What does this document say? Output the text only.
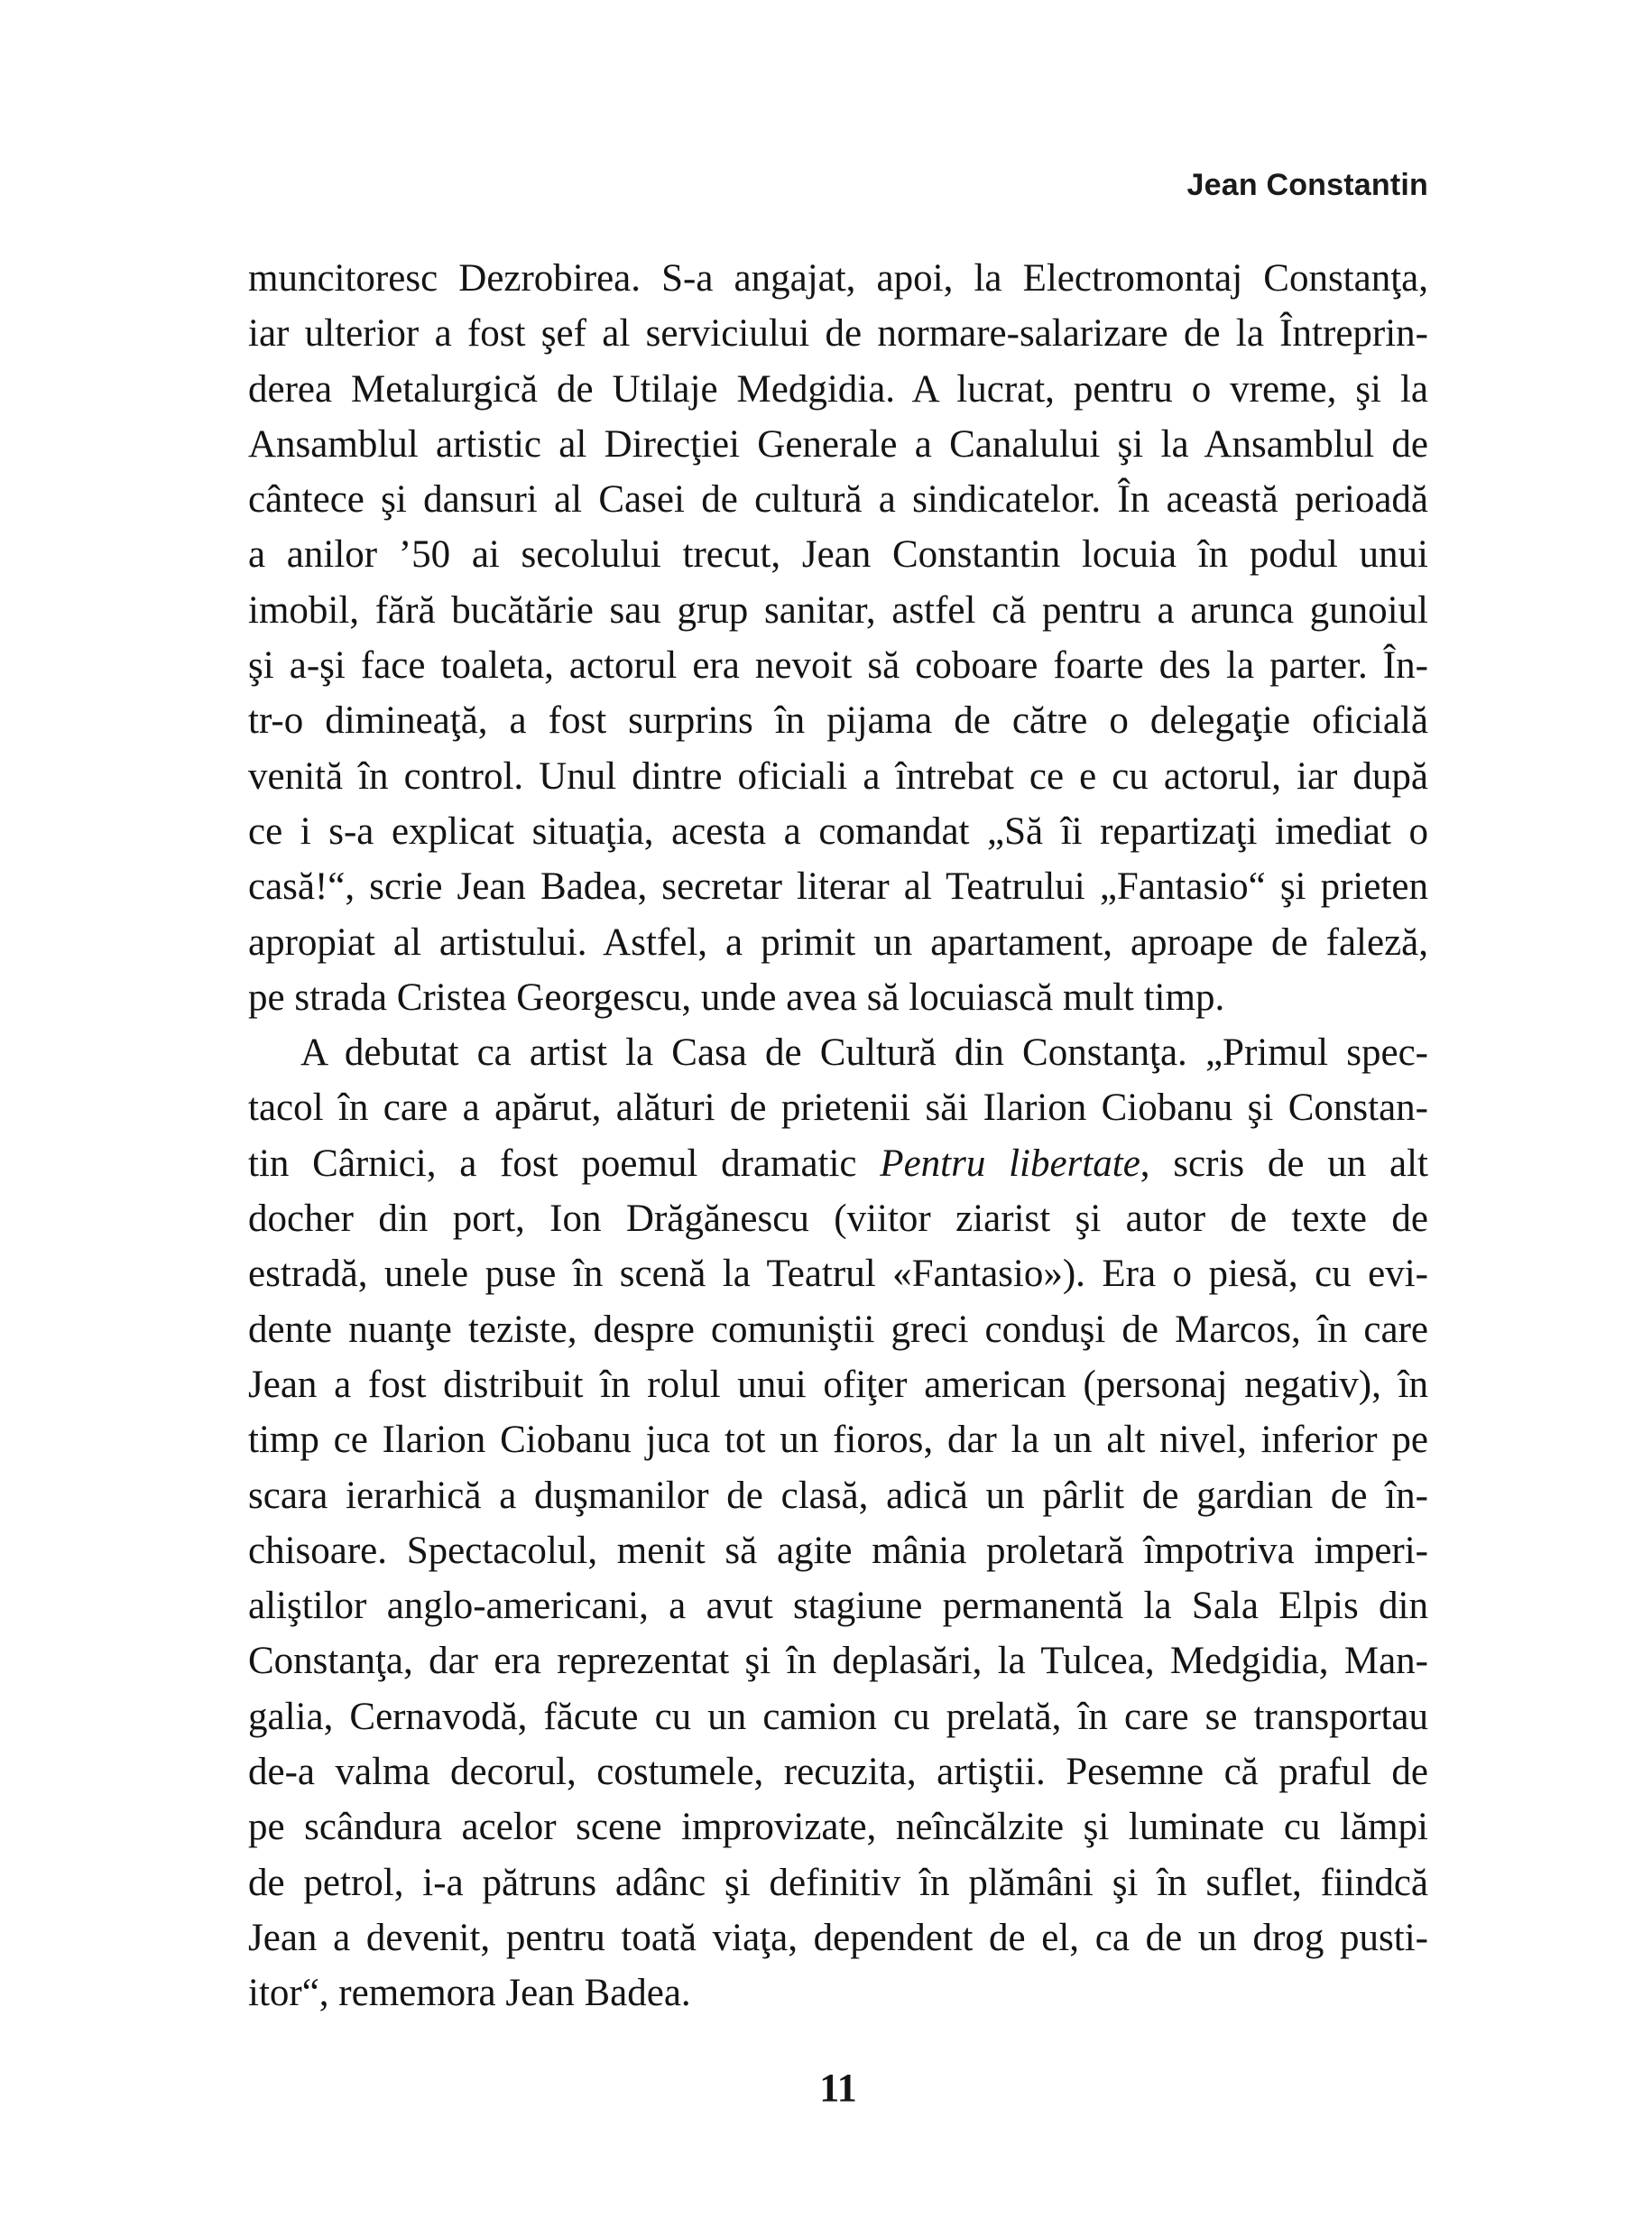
Jean Constantin
muncitoresc Dezrobirea. S-a angajat, apoi, la Electromontaj Constanţa,
iar ulterior a fost şef al serviciului de normare-salarizare de la Întreprin-
derea Metalurgică de Utilaje Medgidia. A lucrat, pentru o vreme, şi la
Ansamblul artistic al Direcţiei Generale a Canalului şi la Ansamblul de
cântece şi dansuri al Casei de cultură a sindicatelor. În această perioadă
a anilor ’50 ai secolului trecut, Jean Constantin locuia în podul unui
imobil, fără bucătărie sau grup sanitar, astfel că pentru a arunca gunoiul
şi a-şi face toaleta, actorul era nevoit să coboare foarte des la parter. În-
tr-o dimineaţă, a fost surprins în pijama de către o delegaţie oficială
venită în control. Unul dintre oficiali a întrebat ce e cu actorul, iar după
ce i s-a explicat situaţia, acesta a comandat „Să îi repartizaţi imediat o
casă!“, scrie Jean Badea, secretar literar al Teatrului „Fantasio“ şi prieten
apropiat al artistului. Astfel, a primit un apartament, aproape de faleză,
pe strada Cristea Georgescu, unde avea să locuiască mult timp.
A debutat ca artist la Casa de Cultură din Constanţa. „Primul spec-
tacol în care a apărut, alături de prietenii săi Ilarion Ciobanu şi Constan-
tin Cârnici, a fost poemul dramatic Pentru libertate, scris de un alt
docher din port, Ion Drăgănescu (viitor ziarist şi autor de texte de
estradă, unele puse în scenă la Teatrul «Fantasio»). Era o piesă, cu evi-
dente nuanţe teziste, despre comuniştii greci conduşi de Marcos, în care
Jean a fost distribuit în rolul unui ofiţer american (personaj negativ), în
timp ce Ilarion Ciobanu juca tot un fioros, dar la un alt nivel, inferior pe
scara ierarhică a duşmanilor de clasă, adică un pârlit de gardian de în-
chisoare. Spectacolul, menit să agite mânia proletară împotriva imperi-
aliştilor anglo-americani, a avut stagiune permanentă la Sala Elpis din
Constanţa, dar era reprezentat şi în deplasări, la Tulcea, Medgidia, Man-
galia, Cernavodă, făcute cu un camion cu prelată, în care se transportau
de-a valma decorul, costumele, recuzita, artiştii. Pesemne că praful de
pe scândura acelor scene improvizate, neîncălzite şi luminate cu lămpi
de petrol, i-a pătruns adânc şi definitiv în plămâni şi în suflet, fiindcă
Jean a devenit, pentru toată viaţa, dependent de el, ca de un drog pusti-
itor“, rememora Jean Badea.
11
